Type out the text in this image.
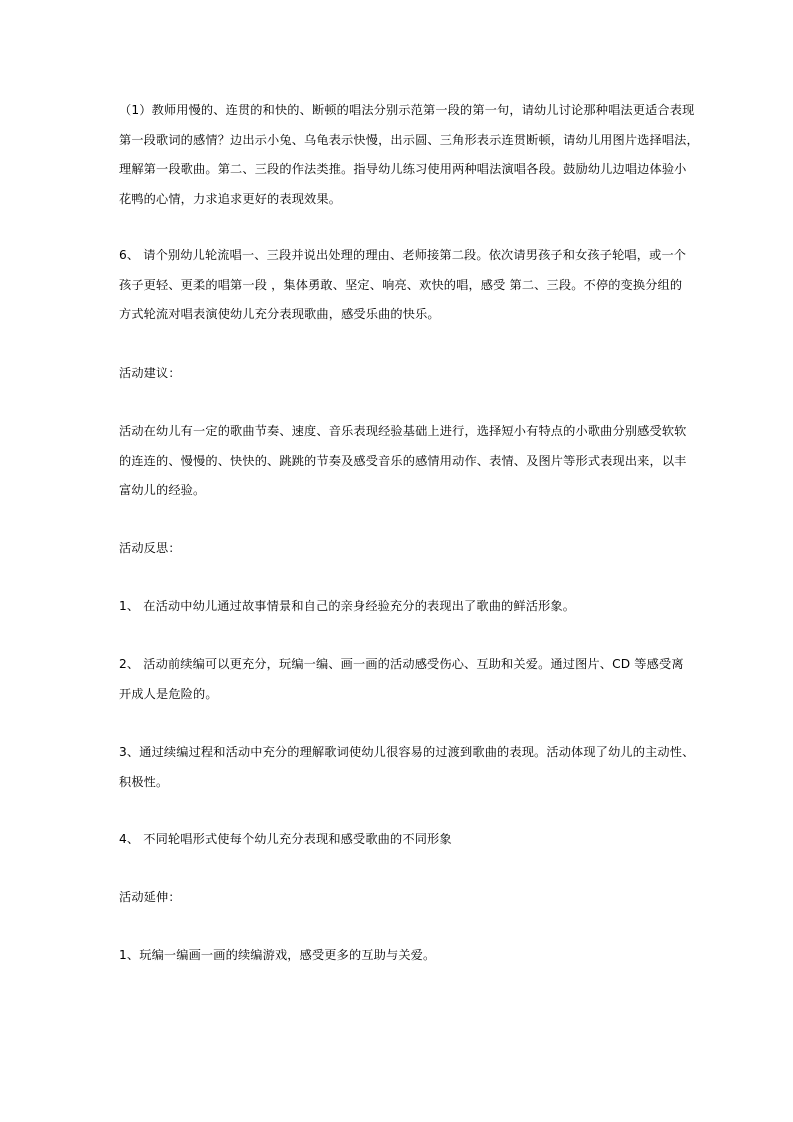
（1）教师用慢的、连贯的和快的、断顿的唱法分别示范第一段的第一句，请幼儿讨论那种唱法更适合表现
第一段歌词的感情？边出示小兔、乌龟表示快慢，出示圆、三角形表示连贯断顿，请幼儿用图片选择唱法，
理解第一段歌曲。第二、三段的作法类推。指导幼儿练习使用两种唱法演唱各段。鼓励幼儿边唱边体验小
花鸭的心情，力求追求更好的表现效果。

6、 请个别幼儿轮流唱一、三段并说出处理的理由、老师接第二段。依次请男孩子和女孩子轮唱，或一个
孩子更轻、更柔的唱第一段 ，集体勇敢、坚定、响亮、欢快的唱，感受 第二、三段。不停的变换分组的
方式轮流对唱表演使幼儿充分表现歌曲，感受乐曲的快乐。

活动建议：

活动在幼儿有一定的歌曲节奏、速度、音乐表现经验基础上进行，选择短小有特点的小歌曲分别感受软软
的连连的、慢慢的、快快的、跳跳的节奏及感受音乐的感情用动作、表情、及图片等形式表现出来，以丰
富幼儿的经验。

活动反思：

1、 在活动中幼儿通过故事情景和自己的亲身经验充分的表现出了歌曲的鲜活形象。

2、 活动前续编可以更充分，玩编一编、画一画的活动感受伤心、互助和关爱。通过图片、CD 等感受离
开成人是危险的。

3、通过续编过程和活动中充分的理解歌词使幼儿很容易的过渡到歌曲的表现。活动体现了幼儿的主动性、
积极性。

4、 不同轮唱形式使每个幼儿充分表现和感受歌曲的不同形象

活动延伸：

1、玩编一编画一画的续编游戏，感受更多的互助与关爱。
